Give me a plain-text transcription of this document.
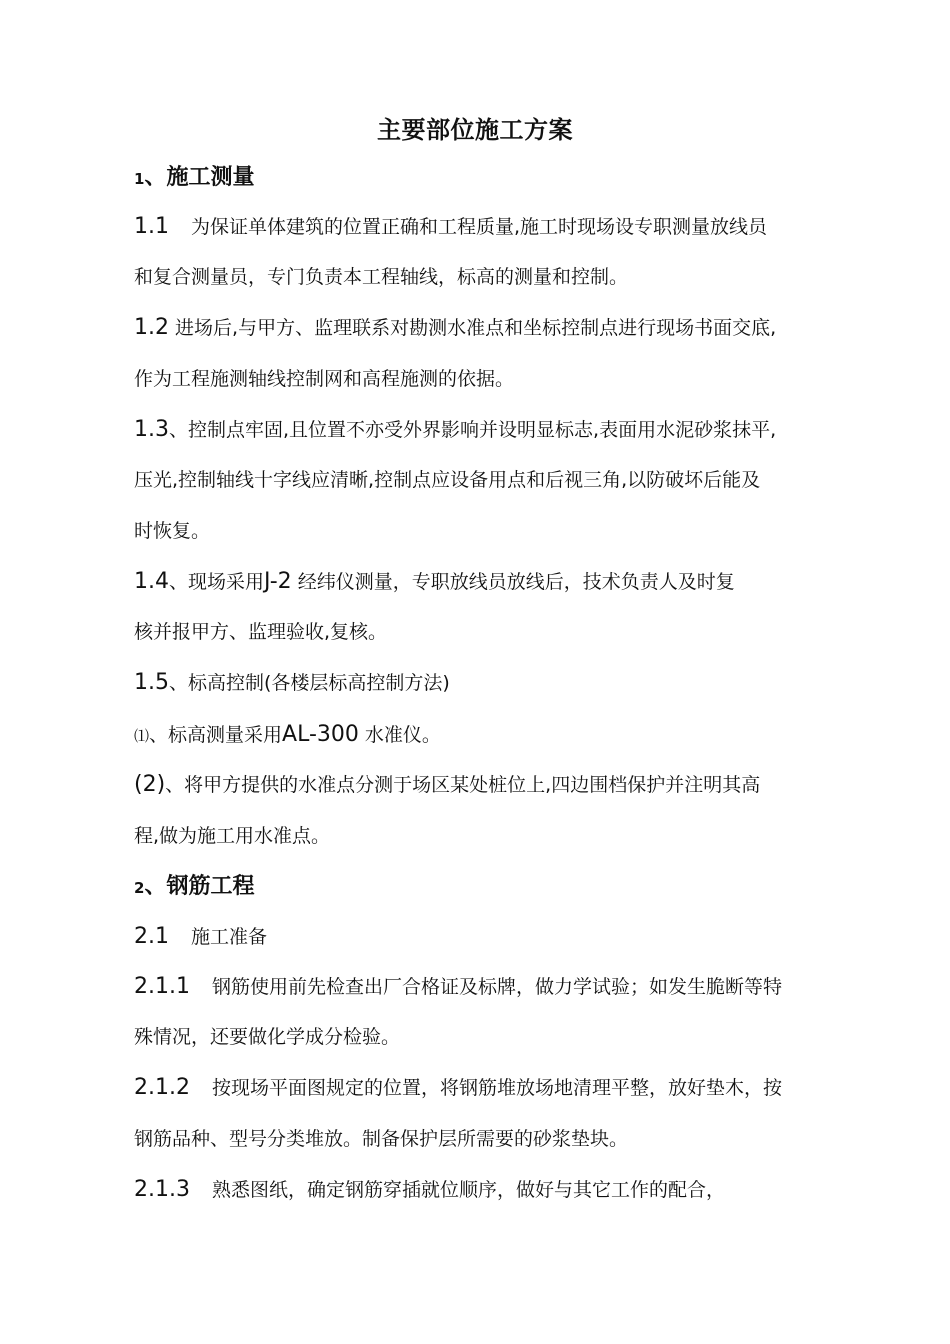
主要部位施工方案
1、施工测量
1.1 为保证单体建筑的位置正确和工程质量,施工时现场设专职测量放线员
和复合测量员，专门负责本工程轴线，标高的测量和控制。
1.2 进场后,与甲方、监理联系对勘测水准点和坐标控制点进行现场书面交底,
作为工程施测轴线控制网和高程施测的依据。
1.3、控制点牢固,且位置不亦受外界影响并设明显标志,表面用水泥砂浆抹平,
压光,控制轴线十字线应清晰,控制点应设备用点和后视三角,以防破坏后能及
时恢复。
1.4、现场采用J-2 经纬仪测量，专职放线员放线后，技术负责人及时复
核并报甲方、监理验收,复核。
1.5、标高控制(各楼层标高控制方法)
⑴、标高测量采用AL-300 水准仪。
(2)、将甲方提供的水准点分测于场区某处桩位上,四边围档保护并注明其高
程,做为施工用水准点。
2、钢筋工程
2.1 施工准备
2.1.1 钢筋使用前先检查出厂合格证及标牌，做力学试验；如发生脆断等特
殊情况，还要做化学成分检验。
2.1.2 按现场平面图规定的位置，将钢筋堆放场地清理平整，放好垫木，按
钢筋品种、型号分类堆放。制备保护层所需要的砂浆垫块。
2.1.3 熟悉图纸，确定钢筋穿插就位顺序，做好与其它工作的配合，
